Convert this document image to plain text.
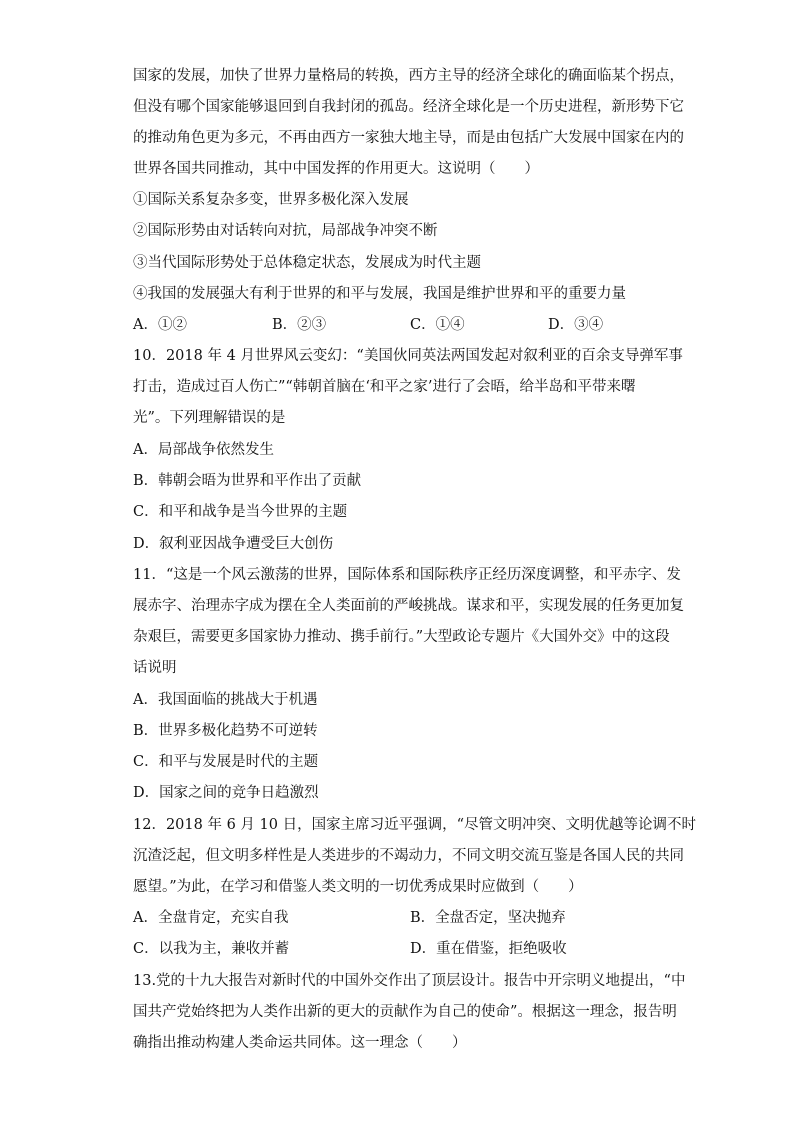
国家的发展，加快了世界力量格局的转换，西方主导的经济全球化的确面临某个拐点，
但没有哪个国家能够退回到自我封闭的孤岛。经济全球化是一个历史进程，新形势下它
的推动角色更为多元，不再由西方一家独大地主导，而是由包括广大发展中国家在内的
世界各国共同推动，其中中国发挥的作用更大。这说明（　　）
①国际关系复杂多变，世界多极化深入发展
②国际形势由对话转向对抗，局部战争冲突不断
③当代国际形势处于总体稳定状态，发展成为时代主题
④我国的发展强大有利于世界的和平与发展，我国是维护世界和平的重要力量
A．①②	B．②③	C．①④	D．③④
10．2018 年 4 月世界风云变幻：“美国伙同英法两国发起对叙利亚的百余支导弹军事
打击，造成过百人伤亡”“韩朝首脑在‘和平之家’进行了会晤，给半岛和平带来曙
光”。下列理解错误的是
A．局部战争依然发生
B．韩朝会晤为世界和平作出了贡献
C．和平和战争是当今世界的主题
D．叙利亚因战争遭受巨大创伤
11．“这是一个风云激荡的世界，国际体系和国际秩序正经历深度调整，和平赤字、发
展赤字、治理赤字成为摆在全人类面前的严峻挑战。谋求和平，实现发展的任务更加复
杂艰巨，需要更多国家协力推动、携手前行。”大型政论专题片《大国外交》中的这段
话说明
A．我国面临的挑战大于机遇
B．世界多极化趋势不可逆转
C．和平与发展是时代的主题
D．国家之间的竞争日趋激烈
12．2018 年 6 月 10 日，国家主席习近平强调，“尽管文明冲突、文明优越等论调不时
沉渣泛起，但文明多样性是人类进步的不竭动力，不同文明交流互鉴是各国人民的共同
愿望。”为此，在学习和借鉴人类文明的一切优秀成果时应做到（　　）
A．全盘肯定，充实自我	B．全盘否定，坚决抛弃
C．以我为主，兼收并蓄	D．重在借鉴，拒绝吸收
13.党的十九大报告对新时代的中国外交作出了顶层设计。报告中开宗明义地提出，“中
国共产党始终把为人类作出新的更大的贡献作为自己的使命”。根据这一理念，报告明
确指出推动构建人类命运共同体。这一理念（　　）
